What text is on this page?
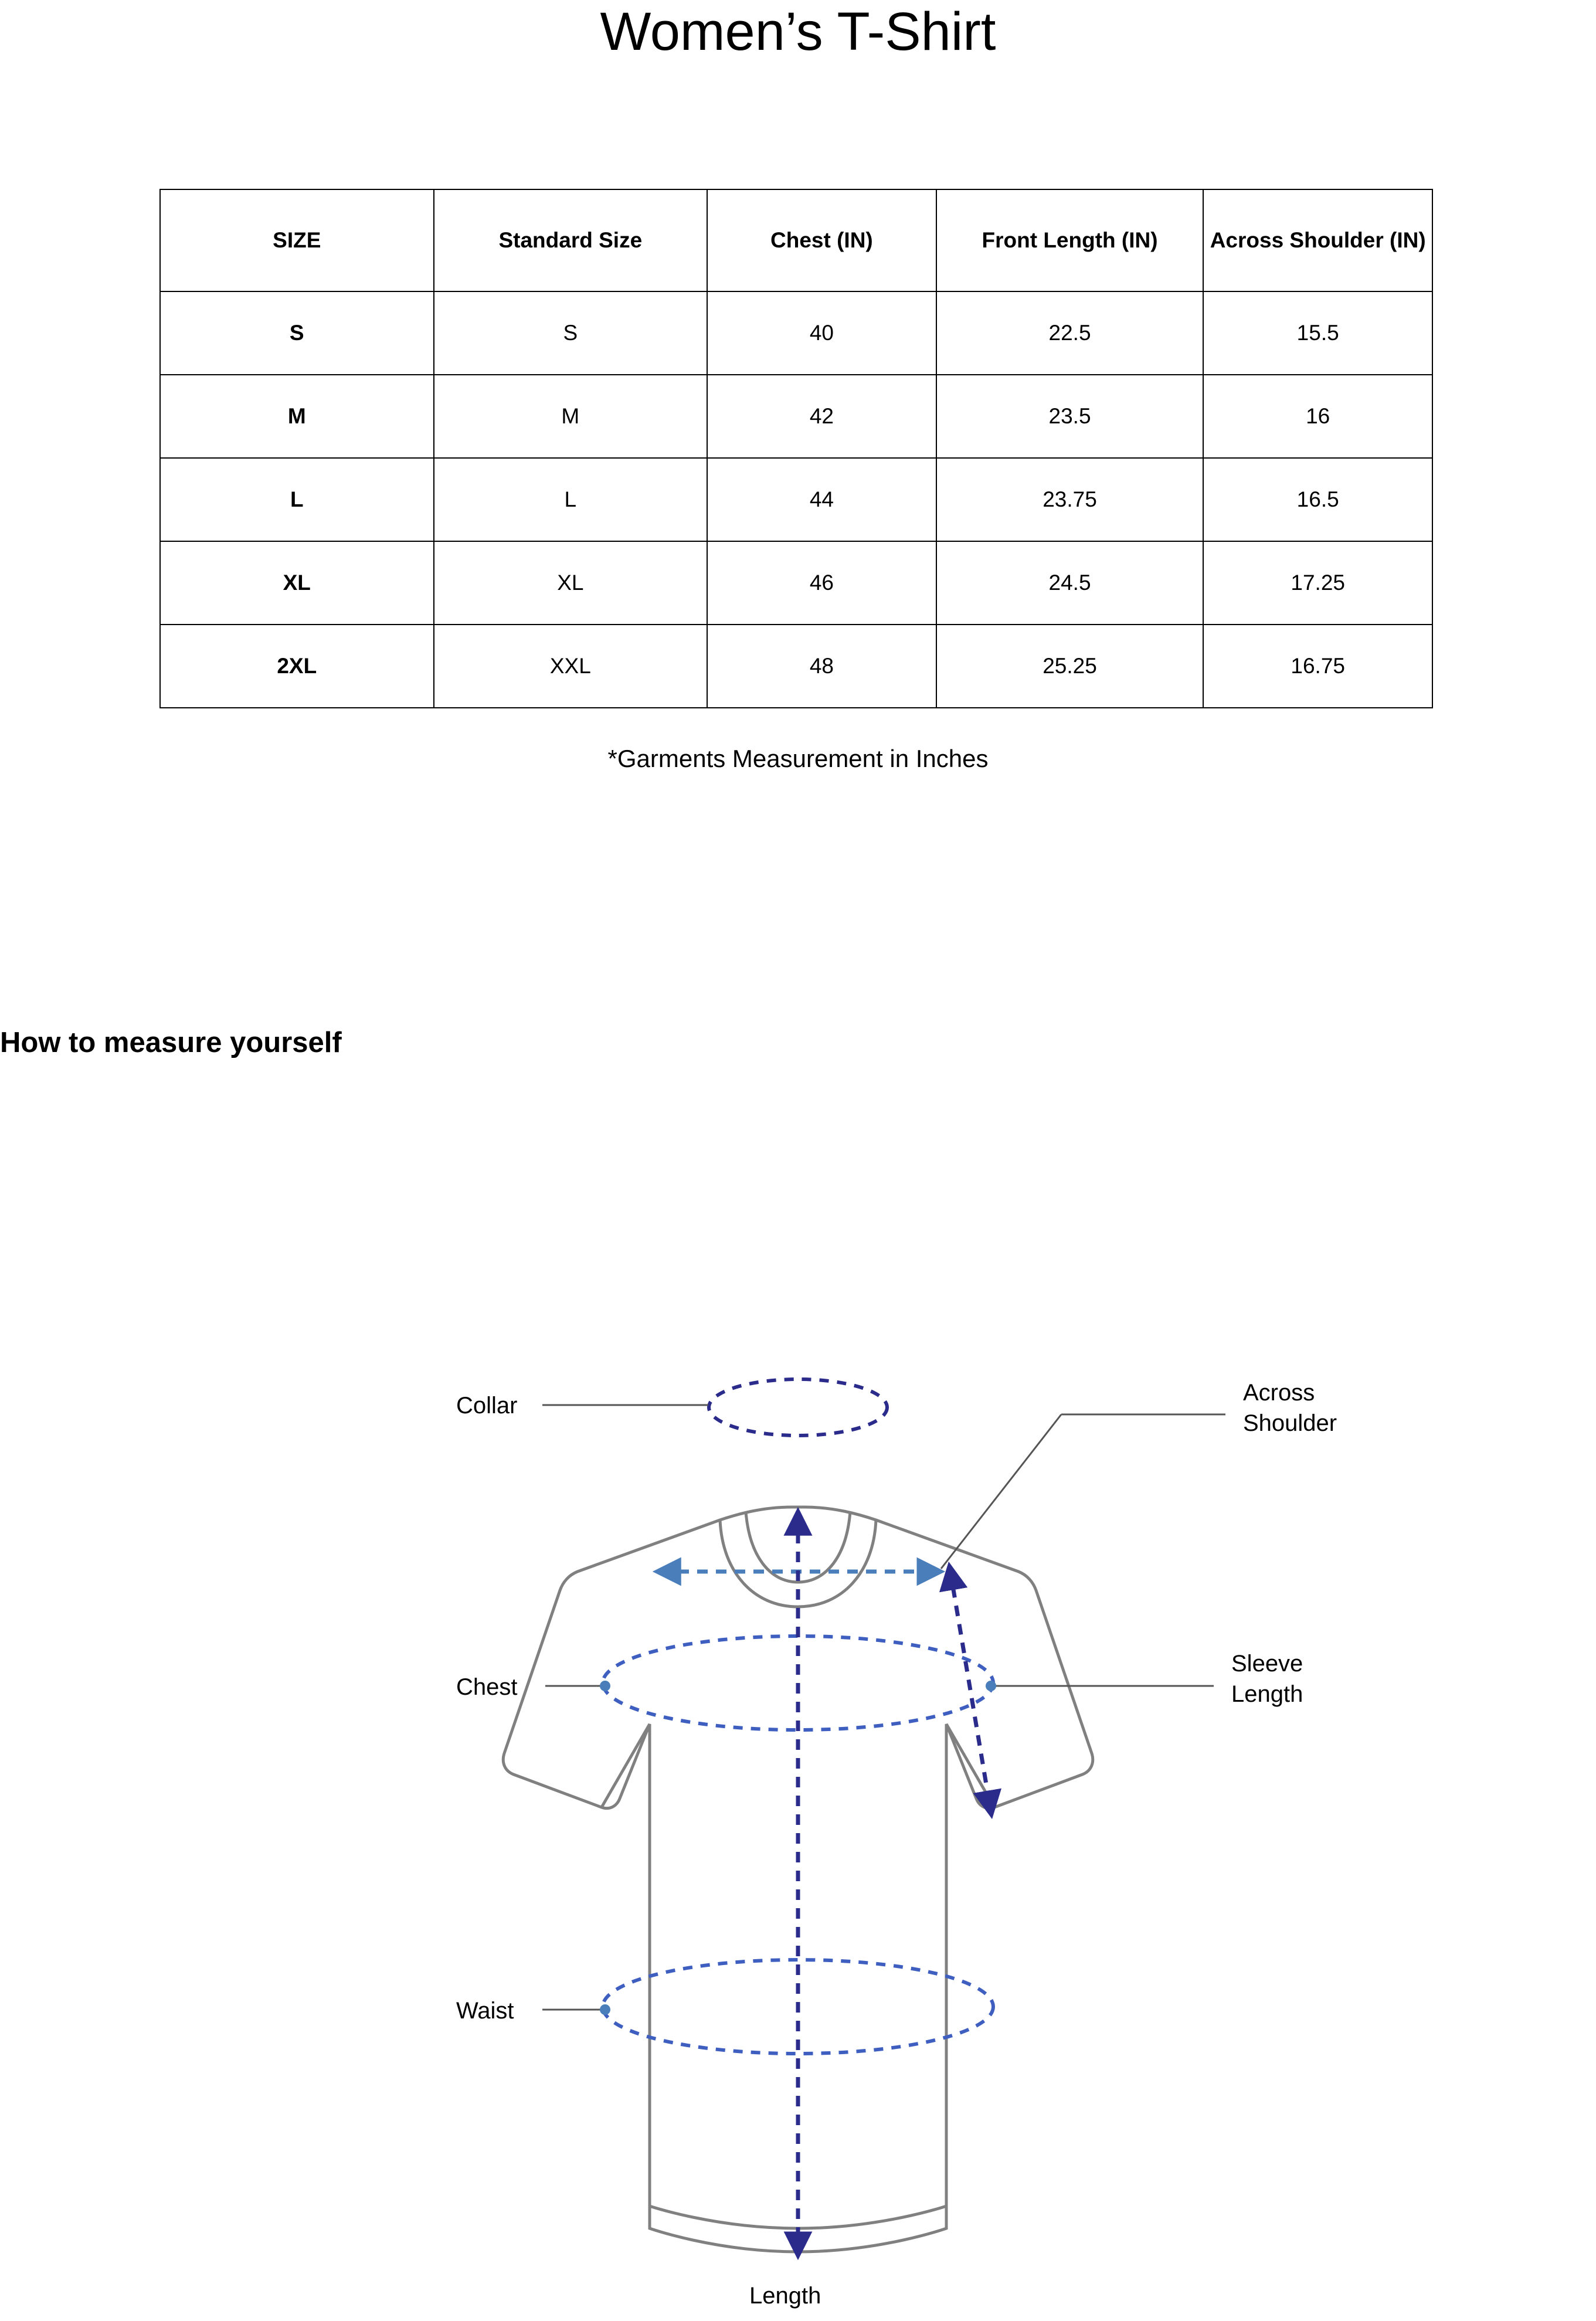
Women’s T-Shirt
SIZE	Standard Size	Chest (IN)	Front Length (IN)	Across Shoulder (IN)
S	S	40	22.5	15.5
M	M	42	23.5	16
L	L	44	23.75	16.5
XL	XL	46	24.5	17.25
2XL	XXL	48	25.25	16.75
*Garments Measurement in Inches
How to measure yourself
Collar	Across
Shoulder
Chest
Sleeve
Length
Waist
Length
